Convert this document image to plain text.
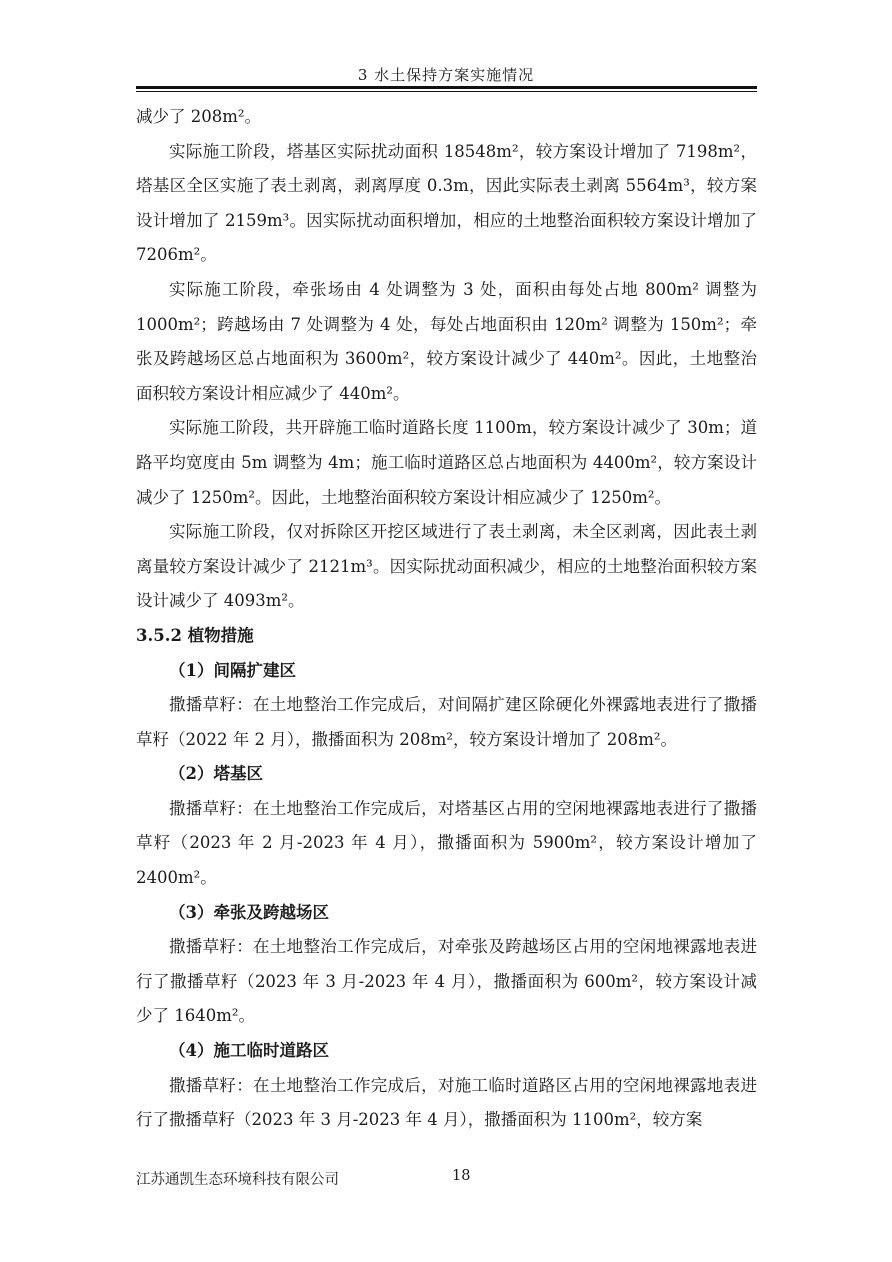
3 水土保持方案实施情况

减少了 208m²。

实际施工阶段，塔基区实际扰动面积 18548m²，较方案设计增加了 7198m²，塔基区全区实施了表土剥离，剥离厚度 0.3m，因此实际表土剥离 5564m³，较方案设计增加了 2159m³。因实际扰动面积增加，相应的土地整治面积较方案设计增加了 7206m²。

实际施工阶段，牵张场由 4 处调整为 3 处，面积由每处占地 800m² 调整为 1000m²；跨越场由 7 处调整为 4 处，每处占地面积由 120m² 调整为 150m²；牵张及跨越场区总占地面积为 3600m²，较方案设计减少了 440m²。因此，土地整治面积较方案设计相应减少了 440m²。

实际施工阶段，共开辟施工临时道路长度 1100m，较方案设计减少了 30m；道路平均宽度由 5m 调整为 4m；施工临时道路区总占地面积为 4400m²，较方案设计减少了 1250m²。因此，土地整治面积较方案设计相应减少了 1250m²。

实际施工阶段，仅对拆除区开挖区域进行了表土剥离，未全区剥离，因此表土剥离量较方案设计减少了 2121m³。因实际扰动面积减少，相应的土地整治面积较方案设计减少了 4093m²。

3.5.2 植物措施
（1）间隔扩建区

撒播草籽：在土地整治工作完成后，对间隔扩建区除硬化外裸露地表进行了撒播草籽（2022 年 2 月），撒播面积为 208m²，较方案设计增加了 208m²。

（2）塔基区

撒播草籽：在土地整治工作完成后，对塔基区占用的空闲地裸露地表进行了撒播草籽（2023 年 2 月-2023 年 4 月），撒播面积为 5900m²，较方案设计增加了 2400m²。

（3）牵张及跨越场区

撒播草籽：在土地整治工作完成后，对牵张及跨越场区占用的空闲地裸露地表进行了撒播草籽（2023 年 3 月-2023 年 4 月），撒播面积为 600m²，较方案设计减少了 1640m²。

（4）施工临时道路区

撒播草籽：在土地整治工作完成后，对施工临时道路区占用的空闲地裸露地表进行了撒播草籽（2023 年 3 月-2023 年 4 月），撒播面积为 1100m²，较方案

江苏通凯生态环境科技有限公司	18
